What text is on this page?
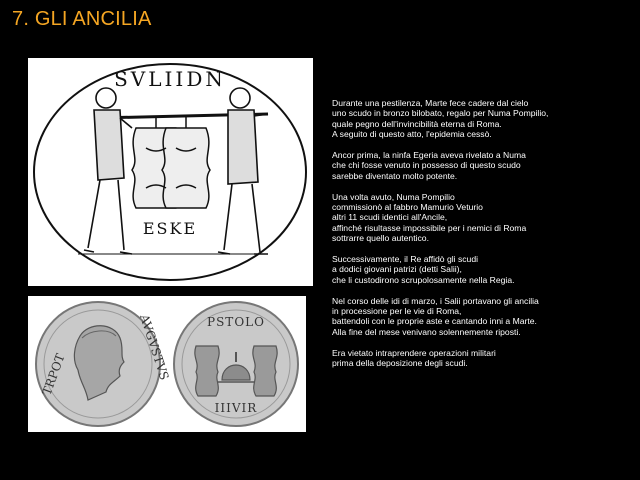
7. GLI ANCILIA
SVLIIDN
ESKE
TRPOT	AVGVSTVS	PSTOLO
IIIVIR

Durante una pestilenza, Marte fece cadere dal cielo
uno scudo in bronzo bilobato, regalo per Numa Pompilio,
quale pegno dell'invincibilità eterna di Roma.
A seguito di questo atto, l'epidemia cessò.

Ancor prima, la ninfa Egeria aveva rivelato a Numa
che chi fosse venuto in possesso di questo scudo
sarebbe diventato molto potente.

Una volta avuto, Numa Pompilio
commissionò al fabbro Mamurio Veturio
altri 11 scudi identici all'Ancile,
affinché risultasse impossibile per i nemici di Roma
sottrarre quello autentico.

Successivamente, il Re affidò gli scudi
a dodici giovani patrizi (detti Salii),
che li custodirono scrupolosamente nella Regia.

Nel corso delle idi di marzo, i Salii portavano gli ancilia
in processione per le vie di Roma,
battendoli con le proprie aste e cantando inni a Marte.
Alla fine del mese venivano solennemente riposti.

Era vietato intraprendere operazioni militari
prima della deposizione degli scudi.
